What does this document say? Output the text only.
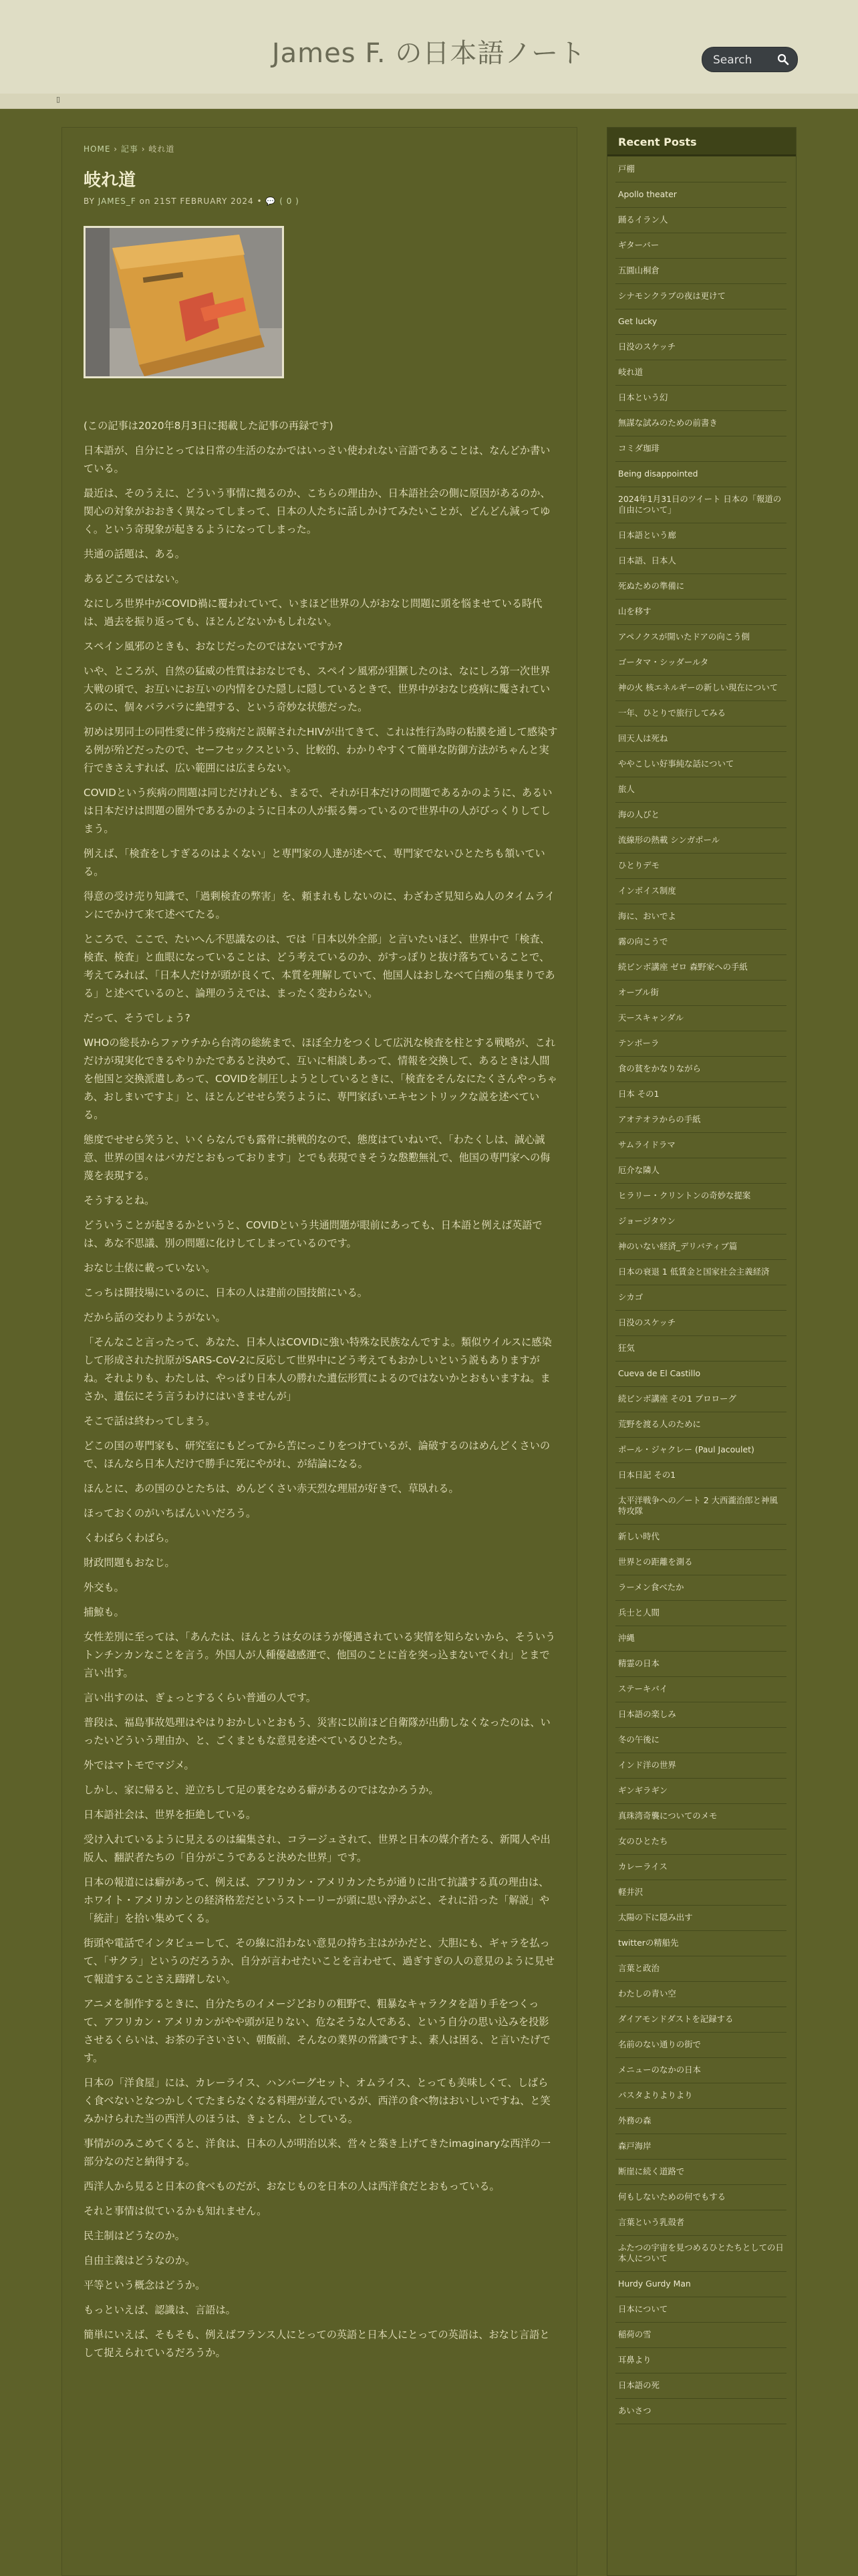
James F. の日本語ノート
Search
▯
HOME › 記事 › 岐れ道
岐れ道
BY JAMES_F on 21ST FEBRUARY 2024 • 💬 ( 0 )

(この記事は2020年8月3日に掲載した記事の再録です)

日本語が、自分にとっては日常の生活のなかではいっさい使われない言語であることは、なんどか書いている。

最近は、そのうえに、どういう事情に拠るのか、こちらの理由か、日本語社会の側に原因があるのか、関心の対象がおおきく異なってしまって、日本の人たちに話しかけてみたいことが、どんどん減ってゆく。という奇現象が起きるようになってしまった。

共通の話題は、ある。

あるどころではない。

なにしろ世界中がCOVID禍に覆われていて、いまほど世界の人がおなじ問題に頭を悩ませている時代は、過去を振り返っても、ほとんどないかもしれない。

スペイン風邪のときも、おなじだったのではないですか?

いや、ところが、自然の猛威の性質はおなじでも、スペイン風邪が猖獗したのは、なにしろ第一次世界大戦の頃で、お互いにお互いの内情をひた隠しに隠しているときで、世界中がおなじ疫病に魘されているのに、個々バラバラに絶望する、という奇妙な状態だった。

初めは男同士の同性愛に伴う疫病だと誤解されたHIVが出てきて、これは性行為時の粘膜を通して感染する例が殆どだったので、セーフセックスという、比較的、わかりやすくて簡単な防御方法がちゃんと実行できさえすれば、広い範囲には広まらない。

COVIDという疾病の問題は同じだけれども、まるで、それが日本だけの問題であるかのように、あるいは日本だけは問題の圏外であるかのように日本の人が振る舞っているので世界中の人がびっくりしてしまう。

例えば、「検査をしすぎるのはよくない」と専門家の人達が述べて、専門家でないひとたちも頷いている。

得意の受け売り知識で、「過剰検査の弊害」を、頼まれもしないのに、わざわざ見知らぬ人のタイムラインにでかけて来て述べてたる。

ところで、ここで、たいへん不思議なのは、では「日本以外全部」と言いたいほど、世界中で「検査、検査、検査」と血眼になっていることは、どう考えているのか、がすっぽりと抜け落ちていることで、考えてみれば、「日本人だけが頭が良くて、本質を理解していて、他国人はおしなべて白痴の集まりである」と述べているのと、論理のうえでは、まったく変わらない。

だって、そうでしょう?

WHOの総長からファウチから台湾の総統まで、ほぼ全力をつくして広汎な検査を柱とする戦略が、これだけが現実化できるやりかたであると決めて、互いに相談しあって、情報を交換して、あるときは人間を他国と交換派遣しあって、COVIDを制圧しようとしているときに、「検査をそんなにたくさんやっちゃあ、おしまいですよ」と、ほとんどせせら笑うように、専門家ぼいエキセントリックな説を述べている。

態度でせせら笑うと、いくらなんでも露骨に挑戦的なので、態度はていねいで、「わたくしは、誠心誠意、世界の国々はバカだとおもっております」とでも表現できそうな慇懃無礼で、他国の専門家への侮蔑を表現する。

そうするとね。

どういうことが起きるかというと、COVIDという共通問題が眼前にあっても、日本語と例えば英語では、あな不思議、別の問題に化けしてしまっているのです。

おなじ土俵に載っていない。

こっちは闘技場にいるのに、日本の人は建前の国技館にいる。

だから話の交わりようがない。

「そんなこと言ったって、あなた、日本人はCOVIDに強い特殊な民族なんですよ。類似ウイルスに感染して形成された抗原がSARS-CoV-2に反応して世界中にどう考えてもおかしいという説もありますがね。それよりも、わたしは、やっぱり日本人の勝れた遺伝形質によるのではないかとおもいますね。まさか、遺伝にそう言うわけにはいきませんが」

そこで話は終わってしまう。

どこの国の専門家も、研究室にもどってから苦にっこりをつけているが、論破するのはめんどくさいので、ほんなら日本人だけで勝手に死にやがれ、が結論になる。

ほんとに、あの国のひとたちは、めんどくさい赤天烈な理屈が好きで、草臥れる。

ほっておくのがいちばんいいだろう。

くわばらくわばら。

財政問題もおなじ。

外交も。

捕鯨も。

女性差別に至っては、「あんたは、ほんとうは女のほうが優遇されている実情を知らないから、そういうトンチンカンなことを言う。外国人が人種優越感運で、他国のことに首を突っ込まないでくれ」とまで言い出す。

言い出すのは、ぎょっとするくらい普通の人です。

普段は、福島事故処理はやはりおかしいとおもう、災害に以前ほど自衛隊が出動しなくなったのは、いったいどういう理由か、と、ごくまともな意見を述べているひとたち。

外ではマトモでマジメ。

しかし、家に帰ると、逆立ちして足の裏をなめる癖があるのではなかろうか。

日本語社会は、世界を拒絶している。

受け入れているように見えるのは編集され、コラージュされて、世界と日本の媒介者たる、新聞人や出版人、翻訳者たちの「自分がこうであると決めた世界」です。

日本の報道には癖があって、例えば、アフリカン・アメリカンたちが通りに出て抗議する真の理由は、ホワイト・アメリカンとの経済格差だというストーリーが頭に思い浮かぶと、それに沿った「解説」や「統計」を拾い集めてくる。

街頭や電話でインタビューして、その線に沿わない意見の持ち主はがかだと、大胆にも、ギャラを払って、「サクラ」というのだろうか、自分が言わせたいことを言わせて、過ぎすぎの人の意見のように見せて報道することさえ躊躇しない。

アニメを制作するときに、自分たちのイメージどおりの粗野で、粗暴なキャラクタを語り手をつくって、アフリカン・アメリカンがやや頭が足りない、危なそうな人である、という自分の思い込みを投影させるくらいは、お茶の子さいさい、朝飯前、そんなの業界の常識ですよ、素人は困る、と言いたげです。

日本の「洋食屋」には、カレーライス、ハンバーグセット、オムライス、とっても美味しくて、しばらく食べないとなつかしくてたまらなくなる料理が並んでいるが、西洋の食べ物はおいしいですね、と笑みかけられた当の西洋人のほうは、きょとん、としている。

事情がのみこめてくると、洋食は、日本の人が明治以来、営々と築き上げてきたimaginaryな西洋の一部分なのだと納得する。

西洋人から見ると日本の食べものだが、おなじものを日本の人は西洋食だとおもっている。

それと事情は似ているかも知れません。

民主制はどうなのか。

自由主義はどうなのか。

平等という概念はどうか。

もっといえば、認識は、言語は。

簡単にいえば、そもそも、例えばフランス人にとっての英語と日本人にとっての英語は、おなじ言語として捉えられているだろうか。

Recent Posts
戸棚
Apollo theater
踊るイラン人
ギターバー
五圓山桐倉
シナモンクラブの夜は更けて
Get lucky
日没のスケッチ
岐れ道
日本という幻
無謀な試みのための前書き
コミダ珈琲
Being disappointed
2024年1月31日のツイート 日本の「報道の自由について」
日本語という廊
日本語、日本人
死ぬための準備に
山を移す
アペノクスが開いたドアの向こう側
ゴータマ・シッダールタ
神の火 核エネルギーの新しい現在について
一年、ひとりで旅行してみる
回天人は死ね
ややこしい好事純な話について
旅人
海の人びと
流線形の熱載 シンガポール
ひとりデモ
インボイス制度
海に、おいでよ
霧の向こうで
続ビンボ講座 ゼロ 森野家への手紙
オーブル街
天ースキャンダル
テンポーラ
食の貧をかなりながら
日本 その1
アオテオラからの手紙
サムライドラマ
厄介な隣人
ヒラリー・クリントンの奇妙な提案
ジョージタウン
神のいない経済_デリバティブ篇
日本の衰退 1 低賃金と国家社会主義経済
シカゴ
日没のスケッチ
狂気
Cueva de El Castillo
続ビンボ講座 その1 プロローグ
荒野を渡る人のために
ポール・ジャクレー (Paul Jacoulet)
日本日記 その1
太平洋戦争への／ート 2 大西瀧治郎と神風特攻隊
新しい時代
世界との距離を測る
ラーメン食べたか
兵士と人間
沖縄
精霊の日本
ステーキバイ
日本語の楽しみ
冬の午後に
インド洋の世界
ギンギラギン
真珠湾奇襲についてのメモ
女のひとたち
カレーライス
軽井沢
太陽の下に隠み出す
twitterの精船先
言葉と政治
わたしの青い空
ダイアモンドダストを記録する
名前のない通りの街で
メニューのなかの日本
パスタよりよりより
外務の森
森戸海岸
断崖に続く道路で
何もしないための何でもする
言葉という乳殻者
ふたつの宇宙を見つめるひとたちとしての日本人について
Hurdy Gurdy Man
日本について
稲荷の雪
耳鼻より
日本語の死
あいさつ
